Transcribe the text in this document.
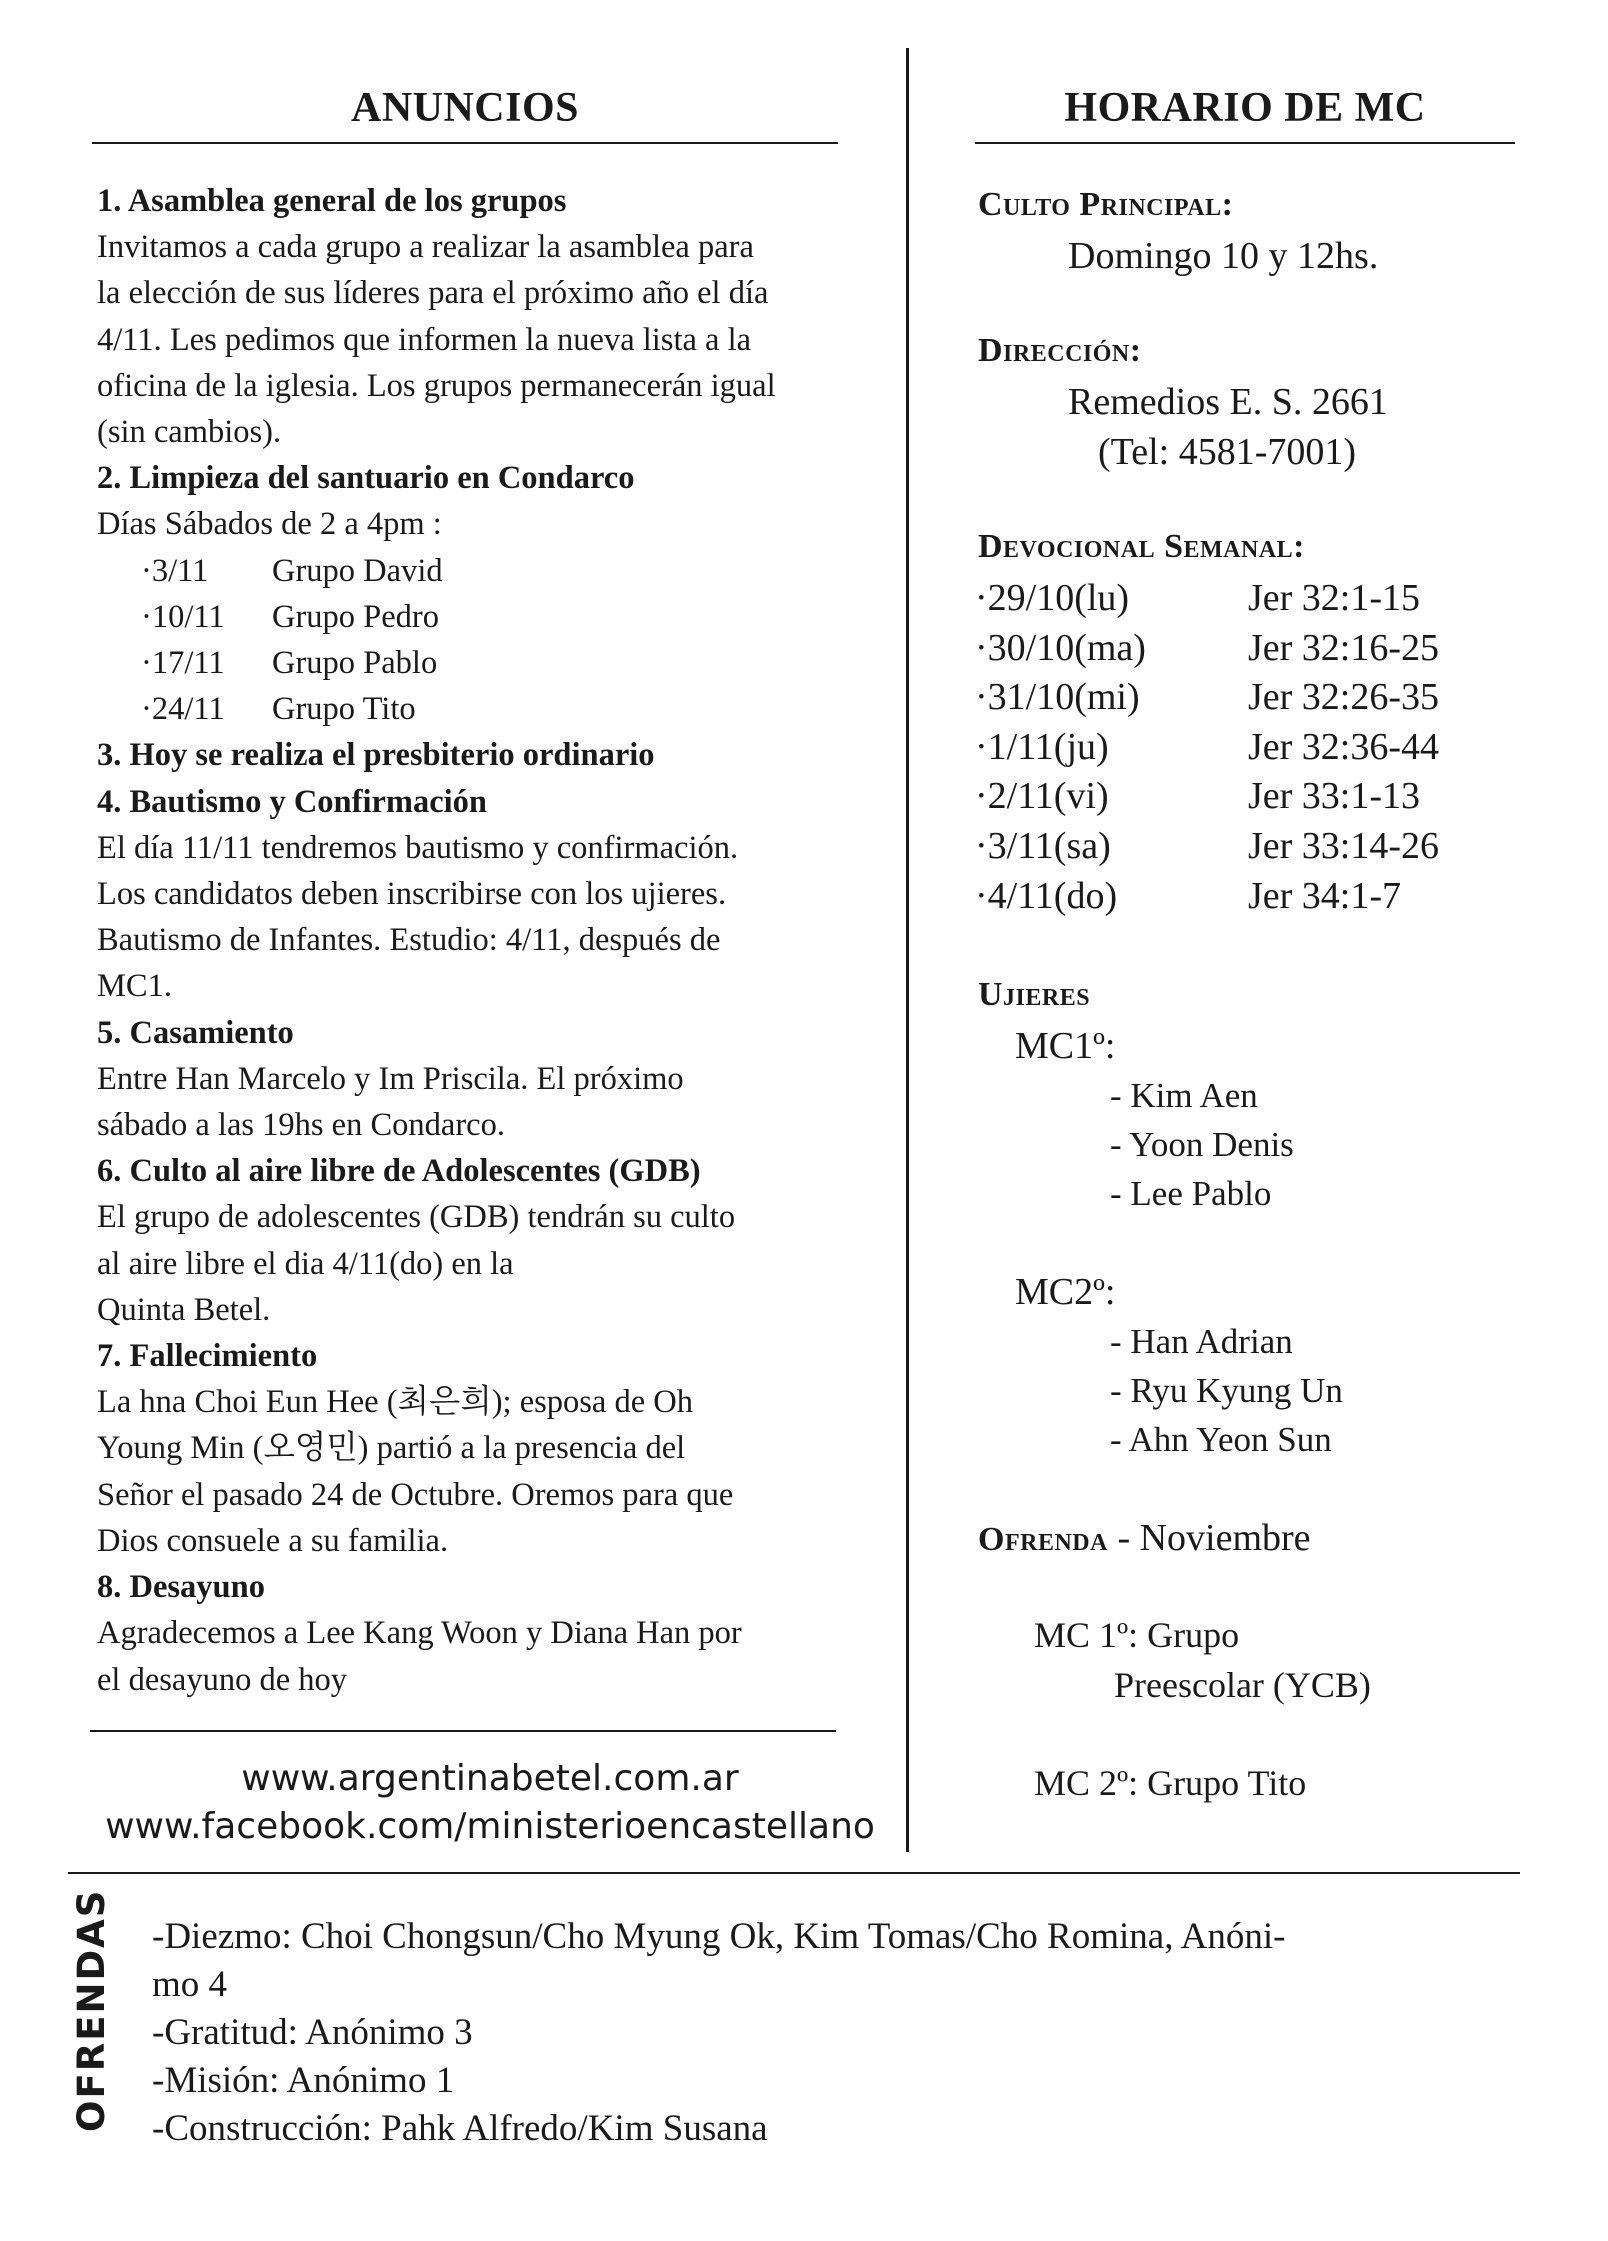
ANUNCIOS
1. Asamblea general de los grupos
Invitamos a cada grupo a realizar la asamblea para
la elección de sus líderes para el próximo año el día
4/11. Les pedimos que informen la nueva lista a la
oficina de la iglesia. Los grupos permanecerán igual
(sin cambios).
2. Limpieza del santuario en Condarco
Días Sábados de 2 a 4pm :
·3/11 Grupo David
·10/11 Grupo Pedro
·17/11 Grupo Pablo
·24/11 Grupo Tito
3. Hoy se realiza el presbiterio ordinario
4. Bautismo y Confirmación
El día 11/11 tendremos bautismo y confirmación.
Los candidatos deben inscribirse con los ujieres.
Bautismo de Infantes. Estudio: 4/11, después de
MC1.
5. Casamiento
Entre Han Marcelo y Im Priscila. El próximo
sábado a las 19hs en Condarco.
6. Culto al aire libre de Adolescentes (GDB)
El grupo de adolescentes (GDB) tendrán su culto
al aire libre el dia 4/11(do) en la
Quinta Betel.
7. Fallecimiento
La hna Choi Eun Hee (최은희); esposa de Oh
Young Min (오영민) partió a la presencia del
Señor el pasado 24 de Octubre. Oremos para que
Dios consuele a su familia.
8. Desayuno
Agradecemos a Lee Kang Woon y Diana Han por
el desayuno de hoy
www.argentinabetel.com.ar
www.facebook.com/ministerioencastellano
HORARIO DE MC
Culto Principal:
Domingo 10 y 12hs.
Dirección:
Remedios E. S. 2661
(Tel: 4581-7001)
Devocional Semanal:
·29/10(lu)	Jer 32:1-15
·30/10(ma)	Jer 32:16-25
·31/10(mi)	Jer 32:26-35
·1/11(ju)	Jer 32:36-44
·2/11(vi)	Jer 33:1-13
·3/11(sa)	Jer 33:14-26
·4/11(do)	Jer 34:1-7
Ujieres
MC1º:
- Kim Aen
- Yoon Denis
- Lee Pablo
MC2º:
- Han Adrian
- Ryu Kyung Un
- Ahn Yeon Sun
Ofrenda - Noviembre
MC 1º: Grupo
Preescolar (YCB)
MC 2º: Grupo Tito
OFRENDAS -Diezmo: Choi Chongsun/Cho Myung Ok, Kim Tomas/Cho Romina, Anóni-
mo 4
-Gratitud: Anónimo 3
-Misión: Anónimo 1
-Construcción: Pahk Alfredo/Kim Susana
